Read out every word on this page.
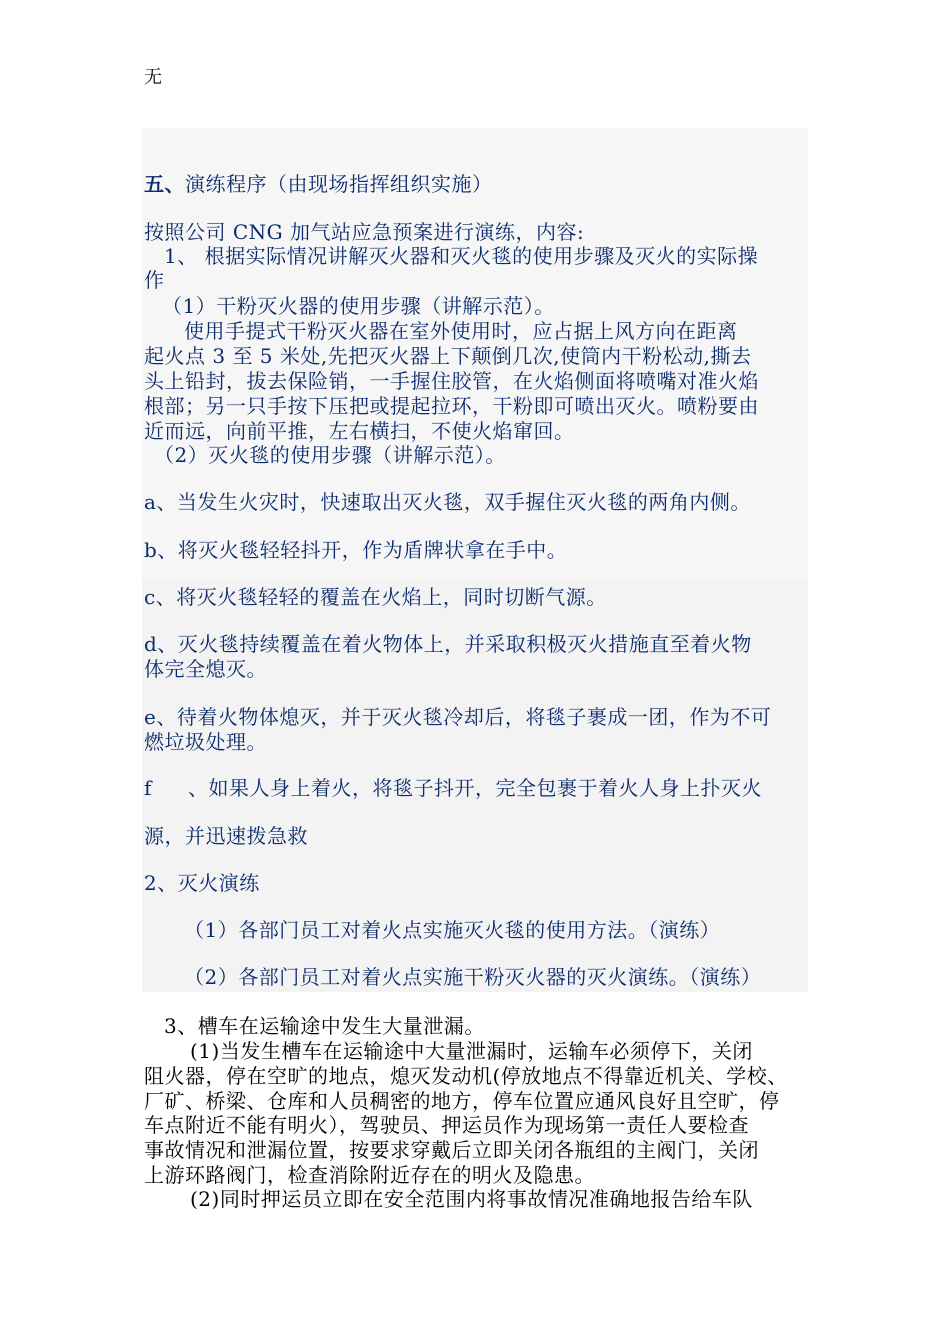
无
五、演练程序（由现场指挥组织实施）
按照公司 CNG 加气站应急预案进行演练，内容:
1、 根据实际情况讲解灭火器和灭火毯的使用步骤及灭火的实际操
作
（1）干粉灭火器的使用步骤（讲解示范）。
使用手提式干粉灭火器在室外使用时，应占据上风方向在距离
起火点 3 至 5 米处,先把灭火器上下颠倒几次,使筒内干粉松动,撕去
头上铅封，拔去保险销，一手握住胶管，在火焰侧面将喷嘴对准火焰
根部；另一只手按下压把或提起拉环，干粉即可喷出灭火。喷粉要由
近而远，向前平推，左右横扫，不使火焰窜回。
（2）灭火毯的使用步骤（讲解示范）。
a、当发生火灾时，快速取出灭火毯，双手握住灭火毯的两角内侧。
b、将灭火毯轻轻抖开，作为盾牌状拿在手中。
c、将灭火毯轻轻的覆盖在火焰上，同时切断气源。
d、灭火毯持续覆盖在着火物体上，并采取积极灭火措施直至着火物
体完全熄灭。
e、待着火物体熄灭，并于灭火毯冷却后，将毯子裹成一团，作为不可
燃垃圾处理。
f 、如果人身上着火，将毯子抖开，完全包裹于着火人身上扑灭火
源，并迅速拨急救
2、灭火演练
（1）各部门员工对着火点实施灭火毯的使用方法。（演练）
（2）各部门员工对着火点实施干粉灭火器的灭火演练。（演练）
3、槽车在运输途中发生大量泄漏。
(1)当发生槽车在运输途中大量泄漏时，运输车必须停下，关闭
阻火器，停在空旷的地点，熄灭发动机(停放地点不得靠近机关、学校、
厂矿、桥梁、仓库和人员稠密的地方，停车位置应通风良好且空旷，停
车点附近不能有明火），驾驶员、押运员作为现场第一责任人要检查
事故情况和泄漏位置，按要求穿戴后立即关闭各瓶组的主阀门，关闭
上游环路阀门，检查消除附近存在的明火及隐患。
(2)同时押运员立即在安全范围内将事故情况准确地报告给车队
